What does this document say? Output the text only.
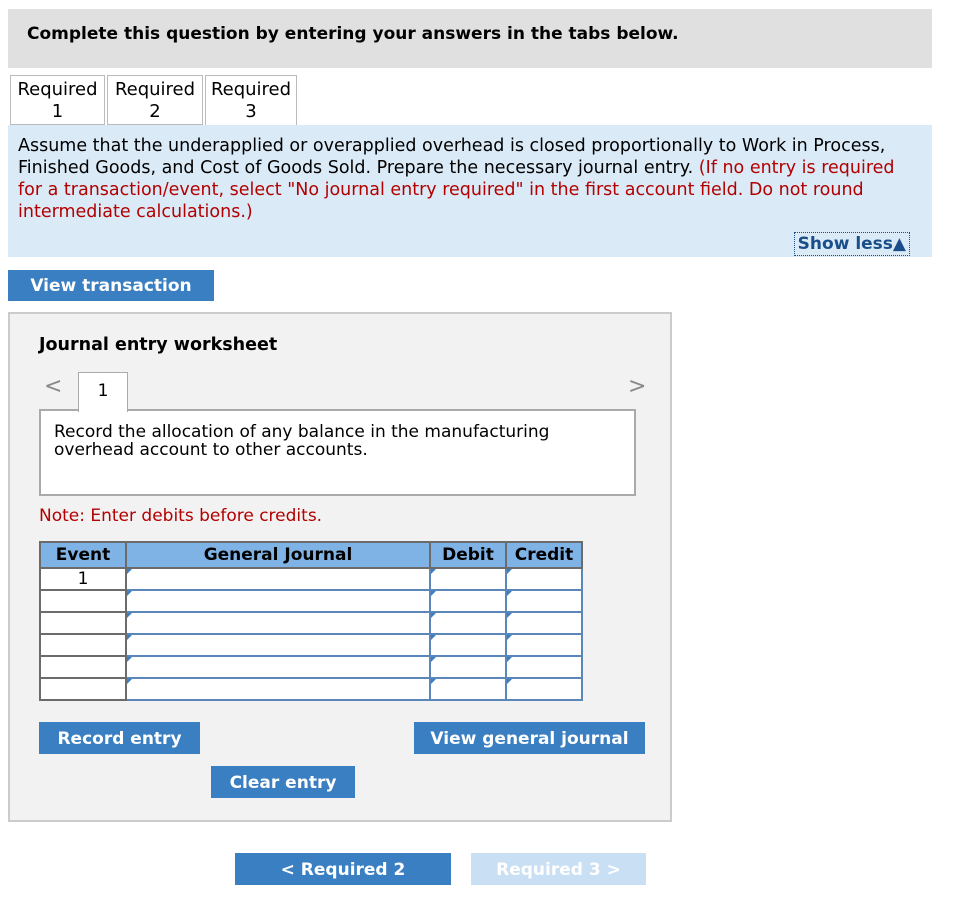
Complete this question by entering your answers in the tabs below.
Required
1
Required
2
Required
3

Assume that the underapplied or overapplied overhead is closed proportionally to Work in Process, Finished Goods, and Cost of Goods Sold. Prepare the necessary journal entry. (If no entry is required for a transaction/event, select "No journal entry required" in the first account field. Do not round intermediate calculations.)

Show less▲
View transaction
Journal entry worksheet
<	1	>

Record the allocation of any balance in the manufacturing overhead account to other accounts.

Note: Enter debits before credits.
Event	General Journal	Debit	Credit
1			

Record entry	View general journal
Clear entry
< Required 2	Required 3 >
